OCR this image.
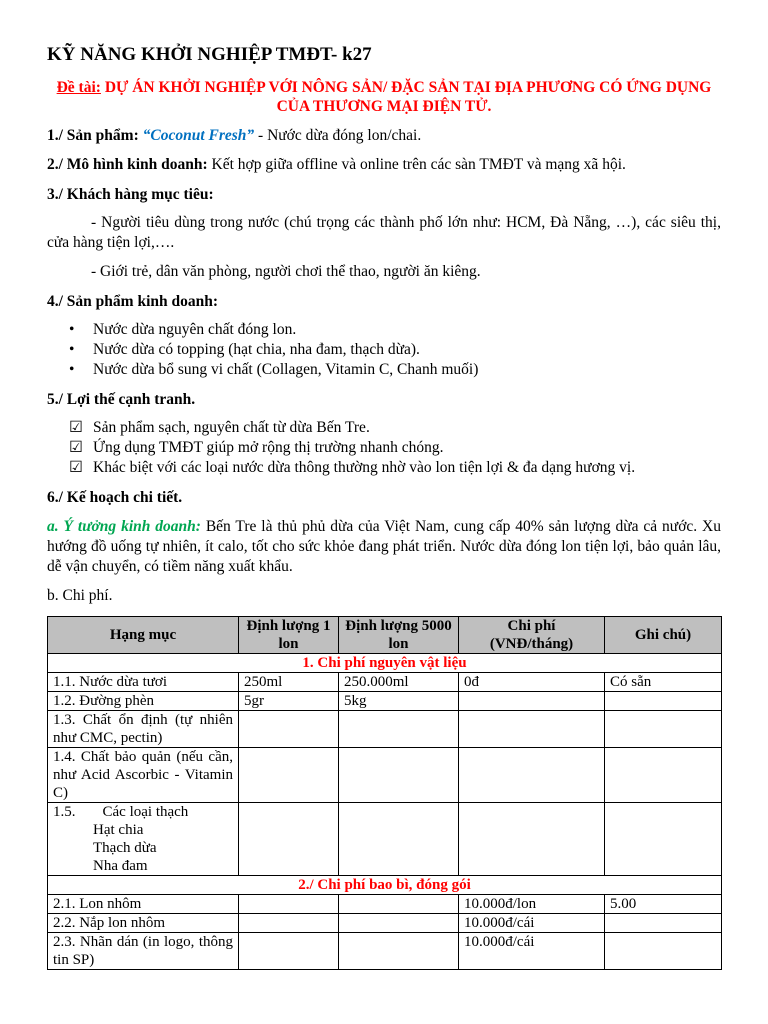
KỸ NĂNG KHỞI NGHIỆP TMĐT- k27
Đề tài: DỰ ÁN KHỞI NGHIỆP VỚI NÔNG SẢN/ ĐẶC SẢN TẠI ĐỊA PHƯƠNG CÓ ỨNG DỤNG CỦA THƯƠNG MẠI ĐIỆN TỬ.
1./ Sản phẩm: “Coconut Fresh” - Nước dừa đóng lon/chai.
2./ Mô hình kinh doanh: Kết hợp giữa offline và online trên các sàn TMĐT và mạng xã hội.
3./ Khách hàng mục tiêu:
- Người tiêu dùng trong nước (chú trọng các thành phố lớn như: HCM, Đà Nẵng, …), các siêu thị, cửa hàng tiện lợi,….
- Giới trẻ, dân văn phòng, người chơi thể thao, người ăn kiêng.
4./ Sản phẩm kinh doanh:
• Nước dừa nguyên chất đóng lon.
• Nước dừa có topping (hạt chia, nha đam, thạch dừa).
• Nước dừa bổ sung vi chất (Collagen, Vitamin C, Chanh muối)
5./ Lợi thế cạnh tranh.
☑ Sản phẩm sạch, nguyên chất từ dừa Bến Tre.
☑ Ứng dụng TMĐT giúp mở rộng thị trường nhanh chóng.
☑ Khác biệt với các loại nước dừa thông thường nhờ vào lon tiện lợi & đa dạng hương vị.
6./ Kế hoạch chi tiết.
a. Ý tưởng kinh doanh: Bến Tre là thủ phủ dừa của Việt Nam, cung cấp 40% sản lượng dừa cả nước. Xu hướng đồ uống tự nhiên, ít calo, tốt cho sức khỏe đang phát triển. Nước dừa đóng lon tiện lợi, bảo quản lâu, dễ vận chuyển, có tiềm năng xuất khẩu.
b. Chi phí.
Hạng mục	Định lượng 1 lon	Định lượng 5000 lon	Chi phí (VNĐ/tháng)	Ghi chú)
1. Chi phí nguyên vật liệu				
1.1. Nước dừa tươi	250ml	250.000ml	0đ	Có sẵn
1.2. Đường phèn	5gr	5kg		
1.3. Chất ổn định (tự nhiên như CMC, pectin)				
1.4. Chất bảo quản (nếu cần, như Acid Ascorbic - Vitamin C)				

1.5. Các loại thạch
Hạt chia
Thạch dừa
Nha đam				

2./ Chi phí bao bì, đóng gói				
2.1. Lon nhôm			10.000đ/lon	5.00
2.2. Nắp lon nhôm			10.000đ/cái	
2.3. Nhãn dán (in logo, thông tin SP)			10.000đ/cái	
